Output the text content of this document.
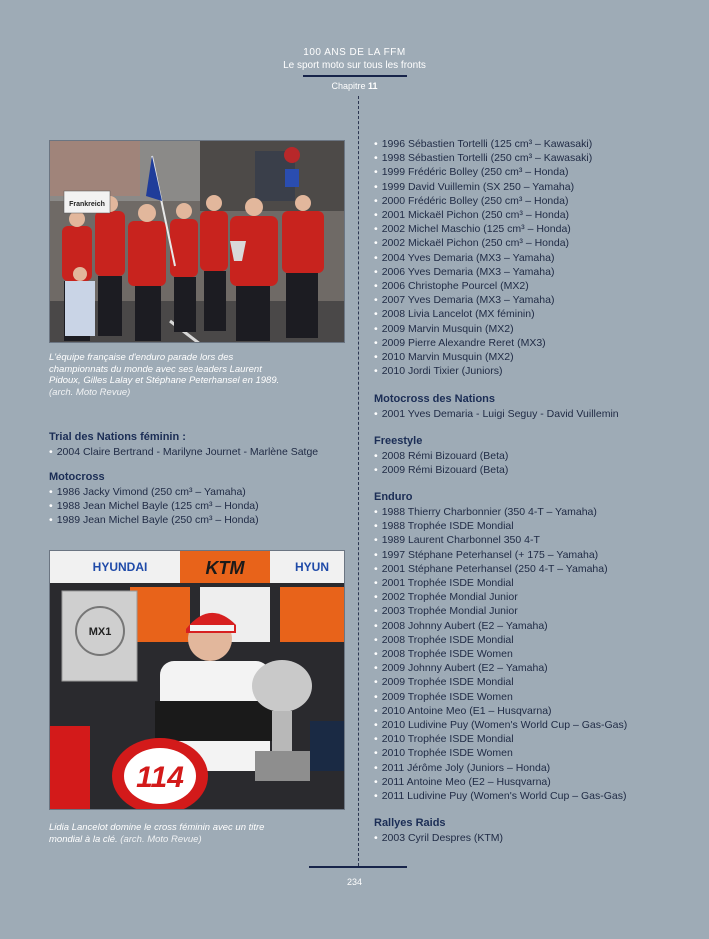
100 ANS DE LA FFM
Le sport moto sur tous les fronts
Chapitre 11
Frankreich
L'équipe française d'enduro parade lors des championnats du monde avec ses leaders Laurent Pidoux, Gilles Lalay et Stéphane Peterhansel en 1989. (arch. Moto Revue)
Trial des Nations féminin :
• 2004 Claire Bertrand - Marilyne Journet - Marlène Satge
Motocross
• 1986 Jacky Vimond (250 cm³ – Yamaha)
• 1988 Jean Michel Bayle (125 cm³ – Honda)
• 1989 Jean Michel Bayle (250 cm³ – Honda)
HYUNDAI	KTM	HYUN
MX1
114
Lidia Lancelot domine le cross féminin avec un titre mondial à la clé. (arch. Moto Revue)
• 1996 Sébastien Tortelli (125 cm³ – Kawasaki)
• 1998 Sébastien Tortelli (250 cm³ – Kawasaki)
• 1999 Frédéric Bolley (250 cm³ – Honda)
• 1999 David Vuillemin (SX 250 – Yamaha)
• 2000 Frédéric Bolley (250 cm³ – Honda)
• 2001 Mickaël Pichon (250 cm³ – Honda)
• 2002 Michel Maschio (125 cm³ – Honda)
• 2002 Mickaël Pichon (250 cm³ – Honda)
• 2004 Yves Demaria (MX3 – Yamaha)
• 2006 Yves Demaria (MX3 – Yamaha)
• 2006 Christophe Pourcel (MX2)
• 2007 Yves Demaria (MX3 – Yamaha)
• 2008 Livia Lancelot (MX féminin)
• 2009 Marvin Musquin (MX2)
• 2009 Pierre Alexandre Reret (MX3)
• 2010 Marvin Musquin (MX2)
• 2010 Jordi Tixier (Juniors)
Motocross des Nations
• 2001 Yves Demaria - Luigi Seguy - David Vuillemin
Freestyle
• 2008 Rémi Bizouard (Beta)
• 2009 Rémi Bizouard (Beta)
Enduro
• 1988 Thierry Charbonnier (350 4-T – Yamaha)
• 1988 Trophée ISDE Mondial
• 1989 Laurent Charbonnel 350 4-T
• 1997 Stéphane Peterhansel (+ 175 – Yamaha)
• 2001 Stéphane Peterhansel (250 4-T – Yamaha)
• 2001 Trophée ISDE Mondial
• 2002 Trophée Mondial Junior
• 2003 Trophée Mondial Junior
• 2008 Johnny Aubert (E2 – Yamaha)
• 2008 Trophée ISDE Mondial
• 2008 Trophée ISDE Women
• 2009 Johnny Aubert (E2 – Yamaha)
• 2009 Trophée ISDE Mondial
• 2009 Trophée ISDE Women
• 2010 Antoine Meo (E1 – Husqvarna)
• 2010 Ludivine Puy (Women's World Cup – Gas-Gas)
• 2010 Trophée ISDE Mondial
• 2010 Trophée ISDE Women
• 2011 Jérôme Joly (Juniors – Honda)
• 2011 Antoine Meo (E2 – Husqvarna)
• 2011 Ludivine Puy (Women's World Cup – Gas-Gas)
Rallyes Raids
• 2003 Cyril Despres (KTM)
234
